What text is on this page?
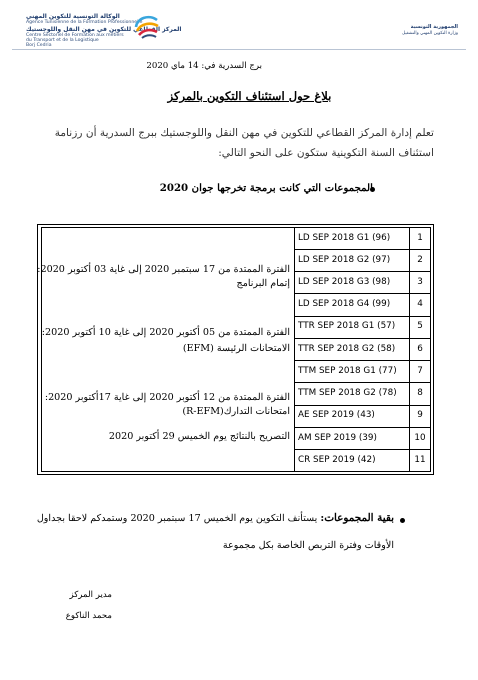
الوكالة التونسية للتكوين المهني
Agence Tunisienne de la Formation Professionnelle
المركز القطاعي للتكوين في مهن النقل واللوجستيك
Centre Sectoriel de Formation aux métiers
du Transport et de la Logistique
Borj Cedria
الجمهورية التونسية
وزارة التكوين المهني والتشغيل
برج السدرية في: 14 ماي 2020
بلاغ حول استئناف التكوين بالمركز
تعلم إدارة المركز القطاعي للتكوين في مهن النقل واللوجستيك ببرج السدرية أن رزنامة
استئناف السنة التكوينية ستكون على النحو التالي:
المجموعات التي كانت برمجة تخرجها جوان 2020
1
LD SEP 2018 G1 (96)
2
LD SEP 2018 G2 (97)
3
LD SEP 2018 G3 (98)
4
LD SEP 2018 G4 (99)
5
TTR SEP 2018 G1 (57)
6
TTR SEP 2018 G2 (58)
7
TTM SEP 2018 G1 (77)
8
TTM SEP 2018 G2 (78)
9
AE SEP 2019 (43)
10
AM SEP 2019 (39)
11
CR SEP 2019 (42)
الفترة الممتدة من 17 سبتمبر 2020 إلى غاية 03 أكتوبر 2020:
إتمام البرنامج
الفترة الممتدة من 05 أكتوبر 2020 إلى غاية 10 أكتوبر 2020:
الامتحانات الرئيسة (EFM)
الفترة الممتدة من 12 أكتوبر 2020 إلى غاية 17أكتوبر 2020:
امتحانات التدارك(R-EFM)
التصريح بالنتائج يوم الخميس 29 أكتوبر 2020
بقية المجموعات: يستأنف التكوين يوم الخميس 17 سبتمبر 2020 وستمدكم لاحقا بجداول
الأوقات وفترة التربص الخاصة بكل مجموعة
مدير المركز
محمد الناكوع
